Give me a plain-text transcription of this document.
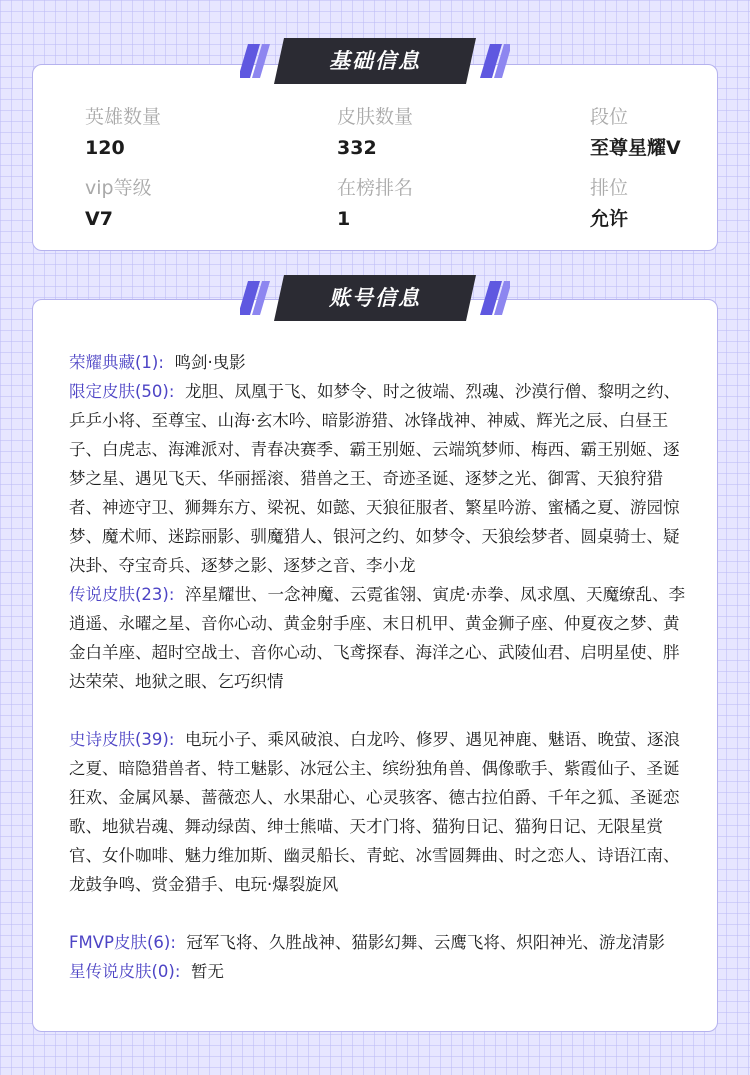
英雄数量
120
皮肤数量
332
段位
至尊星耀V
vip等级
V7
在榜排名
1
排位
允许

荣耀典藏(1): 鸣剑·曳影

限定皮肤(50): 龙胆、凤凰于飞、如梦令、时之彼端、烈魂、沙漠行僧、黎明之约、乒乒小将、至尊宝、山海·玄木吟、暗影游猎、冰锋战神、神威、辉光之辰、白昼王子、白虎志、海滩派对、青春决赛季、霸王别姬、云端筑梦师、梅西、霸王别姬、逐梦之星、遇见飞天、华丽摇滚、猎兽之王、奇迹圣诞、逐梦之光、御霄、天狼狩猎者、神迹守卫、狮舞东方、梁祝、如懿、天狼征服者、繁星吟游、蜜橘之夏、游园惊梦、魔术师、迷踪丽影、驯魔猎人、银河之约、如梦令、天狼绘梦者、圆桌骑士、疑决卦、夺宝奇兵、逐梦之影、逐梦之音、李小龙

传说皮肤(23): 淬星耀世、一念神魔、云霓雀翎、寅虎·赤拳、凤求凰、天魔缭乱、李逍遥、永曜之星、音你心动、黄金射手座、末日机甲、黄金狮子座、仲夏夜之梦、黄金白羊座、超时空战士、音你心动、飞鸢探春、海洋之心、武陵仙君、启明星使、胖达荣荣、地狱之眼、乞巧织情

史诗皮肤(39): 电玩小子、乘风破浪、白龙吟、修罗、遇见神鹿、魅语、晚萤、逐浪之夏、暗隐猎兽者、特工魅影、冰冠公主、缤纷独角兽、偶像歌手、紫霞仙子、圣诞狂欢、金属风暴、蔷薇恋人、水果甜心、心灵骇客、德古拉伯爵、千年之狐、圣诞恋歌、地狱岩魂、舞动绿茵、绅士熊喵、天才门将、猫狗日记、猫狗日记、无限星赏官、女仆咖啡、魅力维加斯、幽灵船长、青蛇、冰雪圆舞曲、时之恋人、诗语江南、龙鼓争鸣、赏金猎手、电玩·爆裂旋风

FMVP皮肤(6): 冠军飞将、久胜战神、猫影幻舞、云鹰飞将、炽阳神光、游龙清影

星传说皮肤(0): 暂无

基础信息
账号信息
